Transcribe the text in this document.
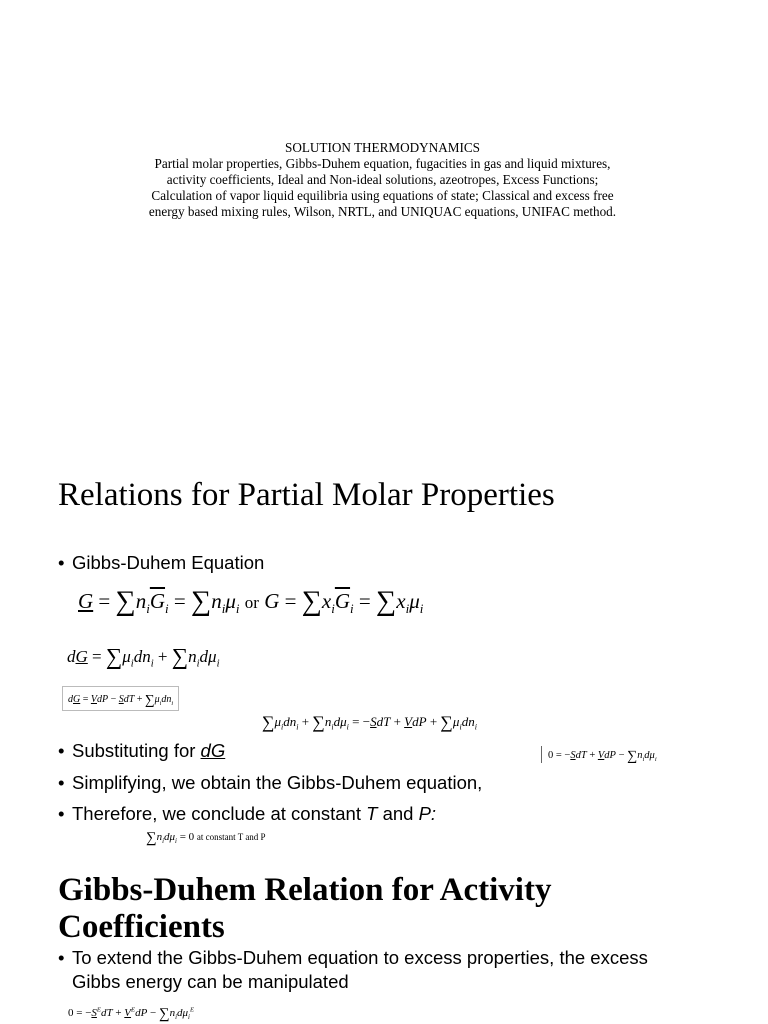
SOLUTION THERMODYNAMICS
Partial molar properties, Gibbs-Duhem equation, fugacities in gas and liquid mixtures,
activity coefficients, Ideal and Non-ideal solutions, azeotropes, Excess Functions;
Calculation of vapor liquid equilibria using equations of state; Classical and excess free
energy based mixing rules, Wilson, NRTL, and UNIQUAC equations, UNIFAC method.
Relations for Partial Molar Properties
• Gibbs-Duhem Equation
$G = \sum n_i\overline{G}_i = \sum n_i\mu_i$ or $G = \sum x_i\overline{G}_i = \sum x_i\mu_i$
dG = $\sum\mu_idn_i + \sum n_id\mu_i$
dG = VdP − SdT + $\sum\mu_idn_i$
$\sum\mu_idn_i + \sum n_id\mu_i = -SdT$ + VdP + $\sum\mu_idn_i$
• Substituting for dG	0 = −SdT + VdP − $\sum n_id\mu_i$
• Simplifying, we obtain the Gibbs-Duhem equation,
• Therefore, we conclude at constant T and P:
$\sum n_id\mu_i = 0$ at constant T and P
Gibbs-Duhem Relation for Activity Coefficients
• To extend the Gibbs-Duhem equation to excess properties, the excess
Gibbs energy can be manipulated
$0 = -S^EdT + V^EdP - \sum n_id\mu_i^E$
